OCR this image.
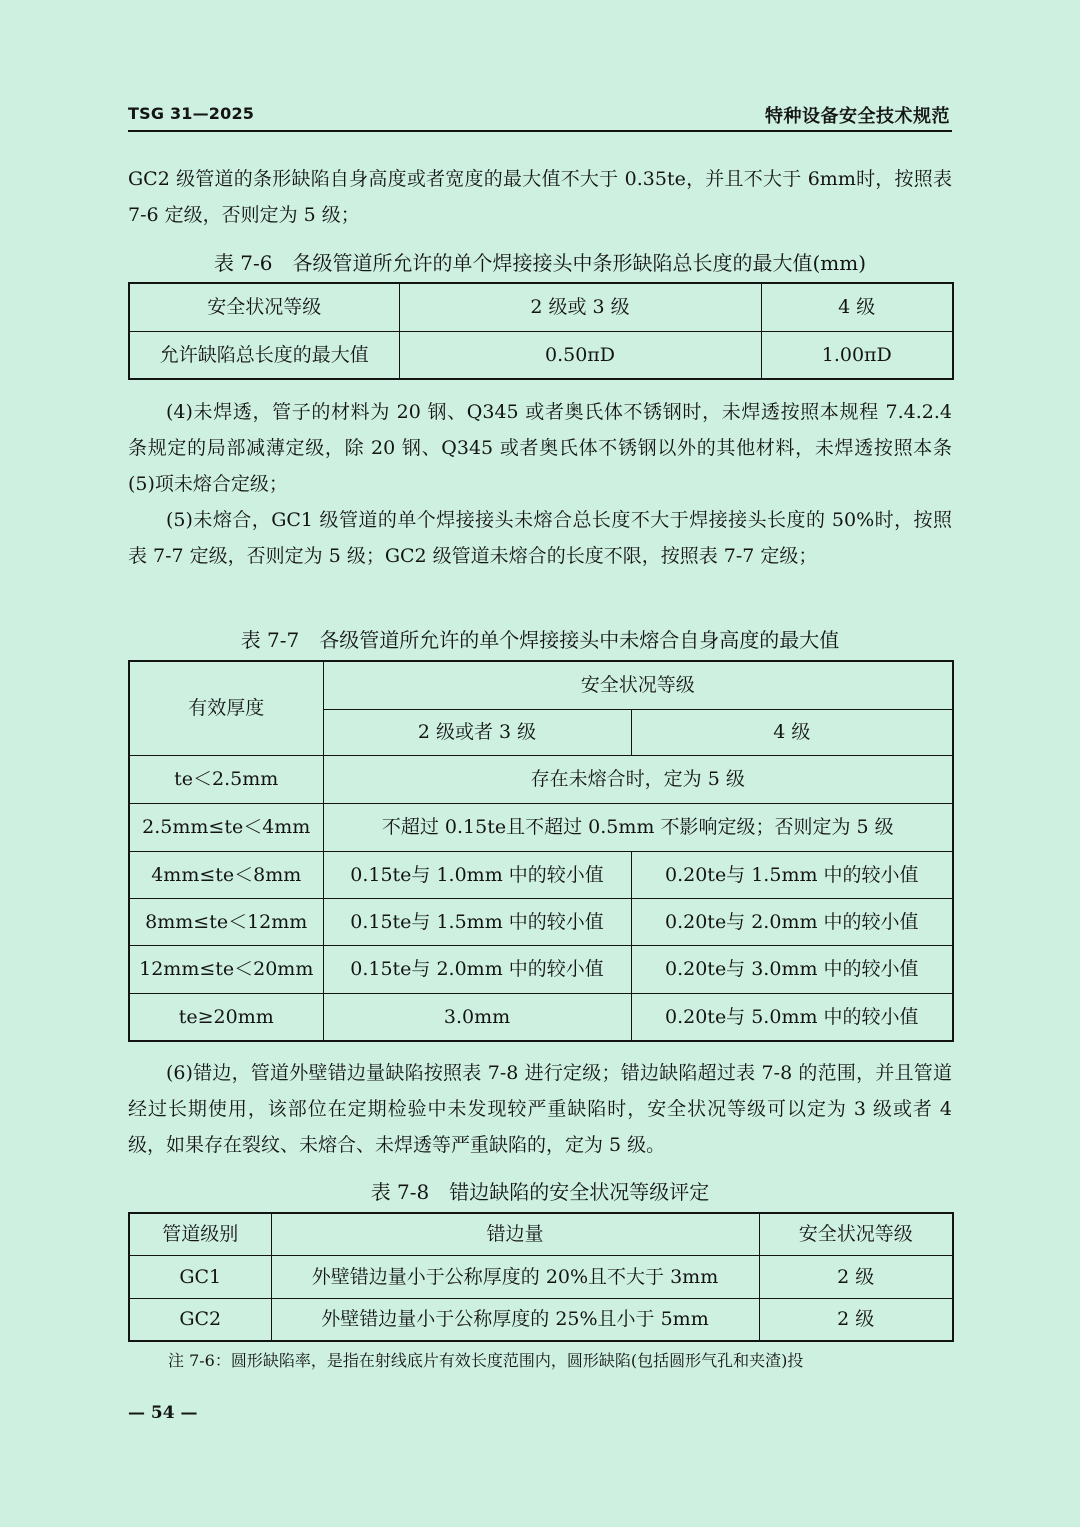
TSG 31—2025	特种设备安全技术规范

GC2 级管道的条形缺陷自身高度或者宽度的最大值不大于 0.35te，并且不大于 6mm时，按照表 7-6 定级，否则定为 5 级；

表 7-6　各级管道所允许的单个焊接接头中条形缺陷总长度的最大值(mm)
安全状况等级	2 级或 3 级	4 级
允许缺陷总长度的最大值	0.50πD	1.00πD

(4)未焊透，管子的材料为 20 钢、Q345 或者奥氏体不锈钢时，未焊透按照本规程 7.4.2.4 条规定的局部减薄定级，除 20 钢、Q345 或者奥氏体不锈钢以外的其他材料，未焊透按照本条(5)项未熔合定级；

(5)未熔合，GC1 级管道的单个焊接接头未熔合总长度不大于焊接接头长度的 50%时，按照表 7-7 定级，否则定为 5 级；GC2 级管道未熔合的长度不限，按照表 7-7 定级；

表 7-7　各级管道所允许的单个焊接接头中未熔合自身高度的最大值
有效厚度	安全状况等级	
	2 级或者 3 级	4 级
te＜2.5mm	存在未熔合时，定为 5 级	
2.5mm≤te＜4mm	不超过 0.15te且不超过 0.5mm 不影响定级；否则定为 5 级	
4mm≤te＜8mm	0.15te与 1.0mm 中的较小值	0.20te与 1.5mm 中的较小值
8mm≤te＜12mm	0.15te与 1.5mm 中的较小值	0.20te与 2.0mm 中的较小值
12mm≤te＜20mm	0.15te与 2.0mm 中的较小值	0.20te与 3.0mm 中的较小值
te≥20mm	3.0mm	0.20te与 5.0mm 中的较小值

(6)错边，管道外壁错边量缺陷按照表 7-8 进行定级；错边缺陷超过表 7-8 的范围，并且管道经过长期使用，该部位在定期检验中未发现较严重缺陷时，安全状况等级可以定为 3 级或者 4 级，如果存在裂纹、未熔合、未焊透等严重缺陷的，定为 5 级。

表 7-8　错边缺陷的安全状况等级评定
管道级别	错边量	安全状况等级
GC1	外壁错边量小于公称厚度的 20%且不大于 3mm	2 级
GC2	外壁错边量小于公称厚度的 25%且小于 5mm	2 级
注 7-6：圆形缺陷率，是指在射线底片有效长度范围内，圆形缺陷(包括圆形气孔和夹渣)投
— 54 —
